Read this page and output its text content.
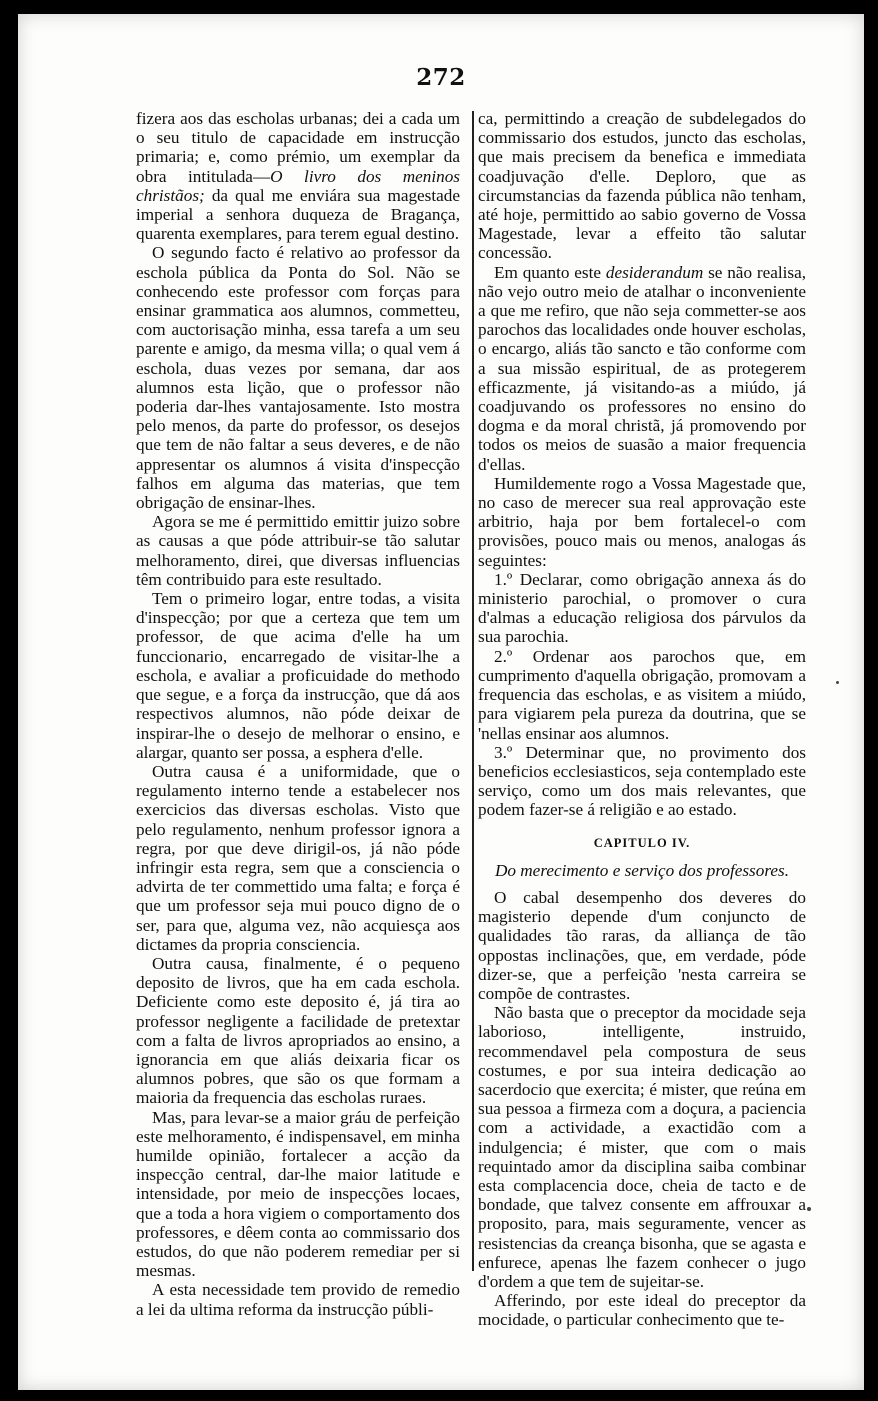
272

fizera aos das escholas urbanas; dei a cada um o seu titulo de capacidade em instrucção primaria; e, como prémio, um exemplar da obra intitulada—O livro dos meninos christãos; da qual me enviára sua magestade imperial a senhora duqueza de Bragança, quarenta exemplares, para terem egual destino.

O segundo facto é relativo ao professor da eschola pública da Ponta do Sol. Não se conhecendo este professor com forças para ensinar grammatica aos alumnos, commetteu, com auctorisação minha, essa tarefa a um seu parente e amigo, da mesma villa; o qual vem á eschola, duas vezes por semana, dar aos alumnos esta lição, que o professor não poderia dar-lhes vantajosamente. Isto mostra pelo menos, da parte do professor, os desejos que tem de não faltar a seus deveres, e de não appresentar os alumnos á visita d'inspecção falhos em alguma das materias, que tem obrigação de ensinar-lhes.

Agora se me é permittido emittir juizo sobre as causas a que póde attribuir-se tão salutar melhoramento, direi, que diversas influencias têm contribuido para este resultado.

Tem o primeiro logar, entre todas, a visita d'inspecção; por que a certeza que tem um professor, de que acima d'elle ha um funccionario, encarregado de visitar-lhe a eschola, e avaliar a proficuidade do methodo que segue, e a força da instrucção, que dá aos respectivos alumnos, não póde deixar de inspirar-lhe o desejo de melhorar o ensino, e alargar, quanto ser possa, a esphera d'elle.

Outra causa é a uniformidade, que o regulamento interno tende a estabelecer nos exercicios das diversas escholas. Visto que pelo regulamento, nenhum professor ignora a regra, por que deve dirigil-os, já não póde infringir esta regra, sem que a consciencia o advirta de ter commettido uma falta; e força é que um professor seja mui pouco digno de o ser, para que, alguma vez, não acquiesça aos dictames da propria consciencia.

Outra causa, finalmente, é o pequeno deposito de livros, que ha em cada eschola. Deficiente como este deposito é, já tira ao professor negligente a facilidade de pretextar com a falta de livros apropriados ao ensino, a ignorancia em que aliás deixaria ficar os alumnos pobres, que são os que formam a maioria da frequencia das escholas ruraes.

Mas, para levar-se a maior gráu de perfeição este melhoramento, é indispensavel, em minha humilde opinião, fortalecer a acção da inspecção central, dar-lhe maior latitude e intensidade, por meio de inspecções locaes, que a toda a hora vigiem o comportamento dos professores, e dêem conta ao commissario dos estudos, do que não poderem remediar per si mesmas.

A esta necessidade tem provido de remedio a lei da ultima reforma da instrucção públi-

ca, permittindo a creação de subdelegados do commissario dos estudos, juncto das escholas, que mais precisem da benefica e immediata coadjuvação d'elle. Deploro, que as circumstancias da fazenda pública não tenham, até hoje, permittido ao sabio governo de Vossa Magestade, levar a effeito tão salutar concessão.

Em quanto este desiderandum se não realisa, não vejo outro meio de atalhar o inconveniente a que me refiro, que não seja commetter-se aos parochos das localidades onde houver escholas, o encargo, aliás tão sancto e tão conforme com a sua missão espiritual, de as protegerem efficazmente, já visitando-as a miúdo, já coadjuvando os professores no ensino do dogma e da moral christã, já promovendo por todos os meios de suasão a maior frequencia d'ellas.

Humildemente rogo a Vossa Magestade que, no caso de merecer sua real approvação este arbitrio, haja por bem fortalecel-o com provisões, pouco mais ou menos, analogas ás seguintes:

1.º Declarar, como obrigação annexa ás do ministerio parochial, o promover o cura d'almas a educação religiosa dos párvulos da sua parochia.

2.º Ordenar aos parochos que, em cumprimento d'aquella obrigação, promovam a frequencia das escholas, e as visitem a miúdo, para vigiarem pela pureza da doutrina, que se 'nellas ensinar aos alumnos.

3.º Determinar que, no provimento dos beneficios ecclesiasticos, seja contemplado este serviço, como um dos mais relevantes, que podem fazer-se á religião e ao estado.

CAPITULO IV.
Do merecimento e serviço dos professores.

O cabal desempenho dos deveres do magisterio depende d'um conjuncto de qualidades tão raras, da alliança de tão oppostas inclinações, que, em verdade, póde dizer-se, que a perfeição 'nesta carreira se compõe de contrastes.

Não basta que o preceptor da mocidade seja laborioso, intelligente, instruido, recommendavel pela compostura de seus costumes, e por sua inteira dedicação ao sacerdocio que exercita; é mister, que reúna em sua pessoa a firmeza com a doçura, a paciencia com a actividade, a exactidão com a indulgencia; é mister, que com o mais requintado amor da disciplina saiba combinar esta complacencia doce, cheia de tacto e de bondade, que talvez consente em affrouxar a proposito, para, mais seguramente, vencer as resistencias da creança bisonha, que se agasta e enfurece, apenas lhe fazem conhecer o jugo d'ordem a que tem de sujeitar-se.

Afferindo, por este ideal do preceptor da mocidade, o particular conhecimento que te-
